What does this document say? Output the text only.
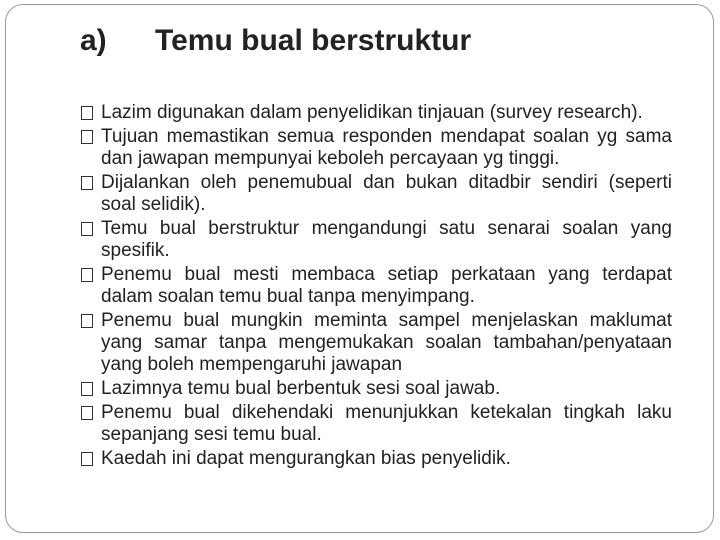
a) Temu bual berstruktur
Lazim digunakan dalam penyelidikan tinjauan (survey research).
Tujuan memastikan semua responden mendapat soalan yg sama dan jawapan mempunyai keboleh percayaan yg tinggi.
Dijalankan oleh penemubual dan bukan ditadbir sendiri (seperti soal selidik).
Temu bual berstruktur mengandungi satu senarai soalan yang spesifik.
Penemu bual mesti membaca setiap perkataan yang terdapat dalam soalan temu bual tanpa menyimpang.
Penemu bual mungkin meminta sampel menjelaskan maklumat yang samar tanpa mengemukakan soalan tambahan/penyataan yang boleh mempengaruhi jawapan
Lazimnya temu bual berbentuk sesi soal jawab.
Penemu bual dikehendaki menunjukkan ketekalan tingkah laku sepanjang sesi temu bual.
Kaedah ini dapat mengurangkan bias penyelidik.
